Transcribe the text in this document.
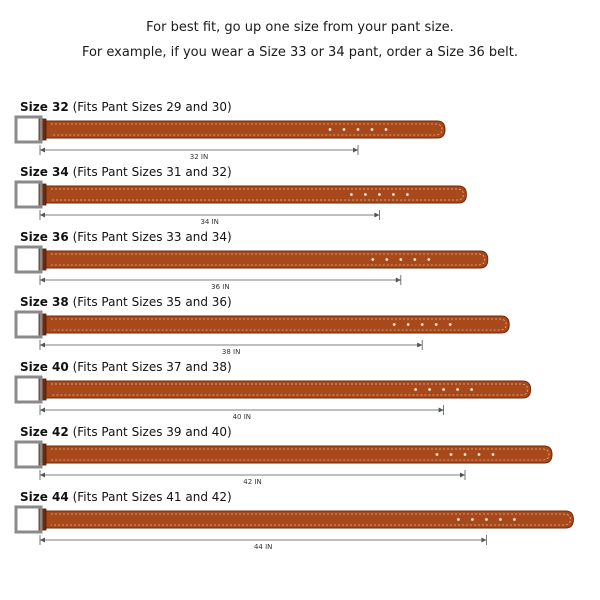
For best fit, go up one size from your pant size.
For example, if you wear a Size 33 or 34 pant, order a Size 36 belt.
Size 32 (Fits Pant Sizes 29 and 30)
32 IN
Size 34 (Fits Pant Sizes 31 and 32)
34 IN
Size 36 (Fits Pant Sizes 33 and 34)
36 IN
Size 38 (Fits Pant Sizes 35 and 36)
38 IN
Size 40 (Fits Pant Sizes 37 and 38)
40 IN
Size 42 (Fits Pant Sizes 39 and 40)
42 IN
Size 44 (Fits Pant Sizes 41 and 42)
44 IN
